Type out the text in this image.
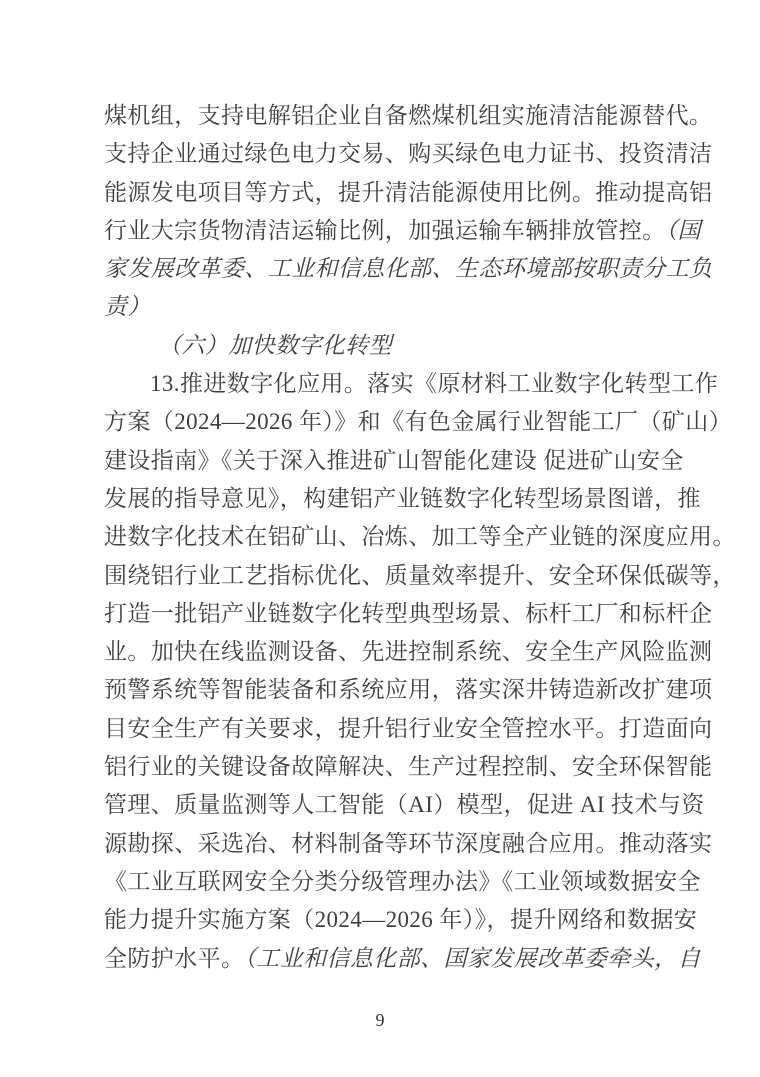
煤机组，支持电解铝企业自备燃煤机组实施清洁能源替代。
支持企业通过绿色电力交易、购买绿色电力证书、投资清洁
能源发电项目等方式，提升清洁能源使用比例。推动提高铝
行业大宗货物清洁运输比例，加强运输车辆排放管控。（国
家发展改革委、工业和信息化部、生态环境部按职责分工负
责）
（六）加快数字化转型
13.推进数字化应用。落实《原材料工业数字化转型工作
方案（2024—2026 年）》和《有色金属行业智能工厂（矿山）
建设指南》《关于深入推进矿山智能化建设 促进矿山安全
发展的指导意见》，构建铝产业链数字化转型场景图谱，推
进数字化技术在铝矿山、冶炼、加工等全产业链的深度应用。
围绕铝行业工艺指标优化、质量效率提升、安全环保低碳等，
打造一批铝产业链数字化转型典型场景、标杆工厂和标杆企
业。加快在线监测设备、先进控制系统、安全生产风险监测
预警系统等智能装备和系统应用，落实深井铸造新改扩建项
目安全生产有关要求，提升铝行业安全管控水平。打造面向
铝行业的关键设备故障解决、生产过程控制、安全环保智能
管理、质量监测等人工智能（AI）模型，促进 AI 技术与资
源勘探、采选冶、材料制备等环节深度融合应用。推动落实
《工业互联网安全分类分级管理办法》《工业领域数据安全
能力提升实施方案（2024—2026 年）》，提升网络和数据安
全防护水平。（工业和信息化部、国家发展改革委牵头，自
9
